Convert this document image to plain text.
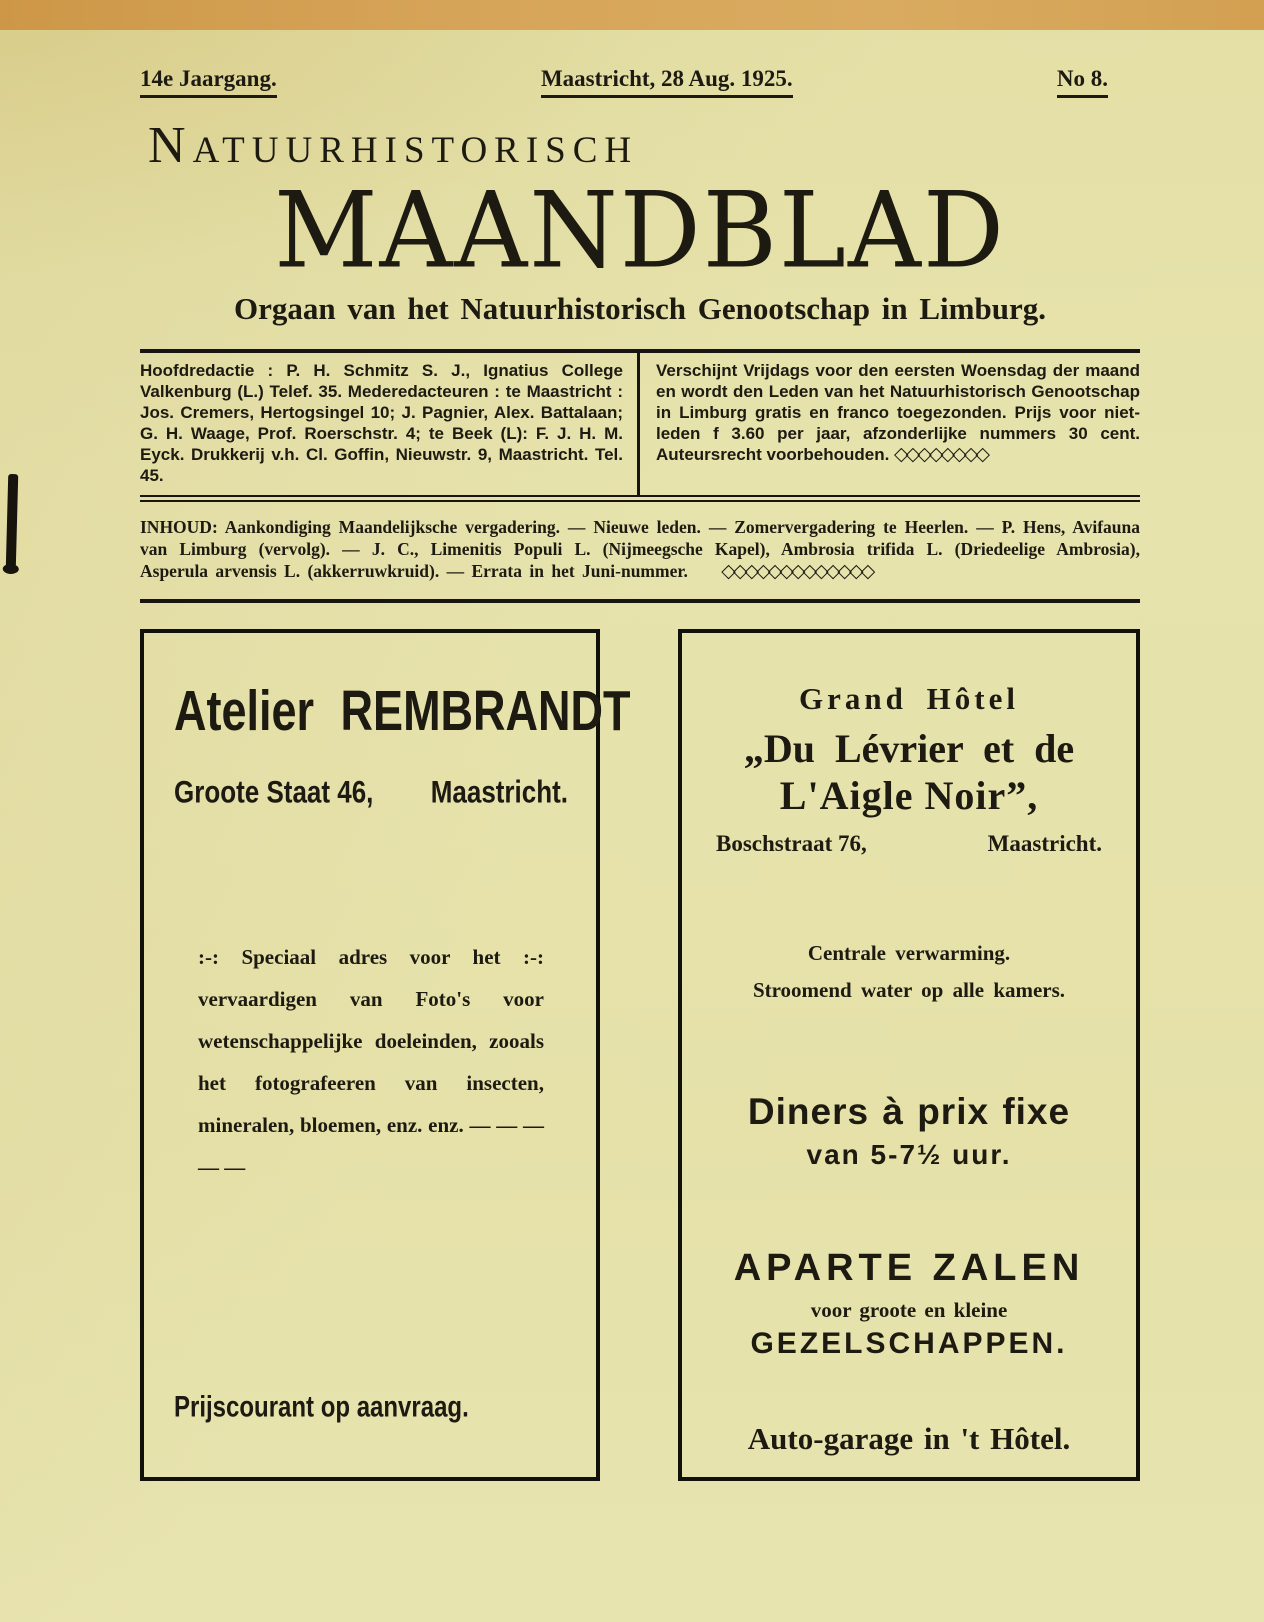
14e Jaargang.	Maastricht, 28 Aug. 1925.	No 8.
NATUURHISTORISCH
MAANDBLAD
Orgaan van het Natuurhistorisch Genootschap in Limburg.
Hoofdredactie : P. H. Schmitz S. J., Ignatius College Valkenburg (L.) Telef. 35. Mederedacteuren : te Maastricht : Jos. Cremers, Hertogsingel 10; J. Pagnier, Alex. Battalaan; G. H. Waage, Prof. Roerschstr. 4; te Beek (L): F. J. H. M. Eyck. Drukkerij v.h. Cl. Goffin, Nieuwstr. 9, Maastricht. Tel. 45.
Verschijnt Vrijdags voor den eersten Woensdag der maand en wordt den Leden van het Natuurhistorisch Genootschap in Limburg gratis en franco toegezonden. Prijs voor niet-leden f 3.60 per jaar, afzonderlijke nummers 30 cent. Auteursrecht voorbehouden. ◇◇◇◇◇◇◇◇
INHOUD: Aankondiging Maandelijksche vergadering. — Nieuwe leden. — Zomervergadering te Heerlen. — P. Hens, Avifauna van Limburg (vervolg). — J. C., Limenitis Populi L. (Nijmeegsche Kapel), Ambrosia trifida L. (Driedeelige Ambrosia), Asperula arvensis L. (akkerruwkruid). — Errata in het Juni-nummer. ◇◇◇◇◇◇◇◇◇◇◇◇◇
Atelier REMBRANDT
Groote Staat 46, Maastricht.
:-: Speciaal adres voor het :-: vervaardigen van Foto's voor wetenschappelijke doeleinden, zooals het fotografeeren van insecten, mineralen, bloemen, enz. enz. — — — — —
Prijscourant op aanvraag.
Grand Hôtel
„Du Lévrier et de
L'Aigle Noir”,
Boschstraat 76,	Maastricht.
Centrale verwarming.
Stroomend water op alle kamers.
Diners à prix fixe
van 5-7½ uur.
APARTE ZALEN
voor groote en kleine
GEZELSCHAPPEN.
Auto-garage in 't Hôtel.
